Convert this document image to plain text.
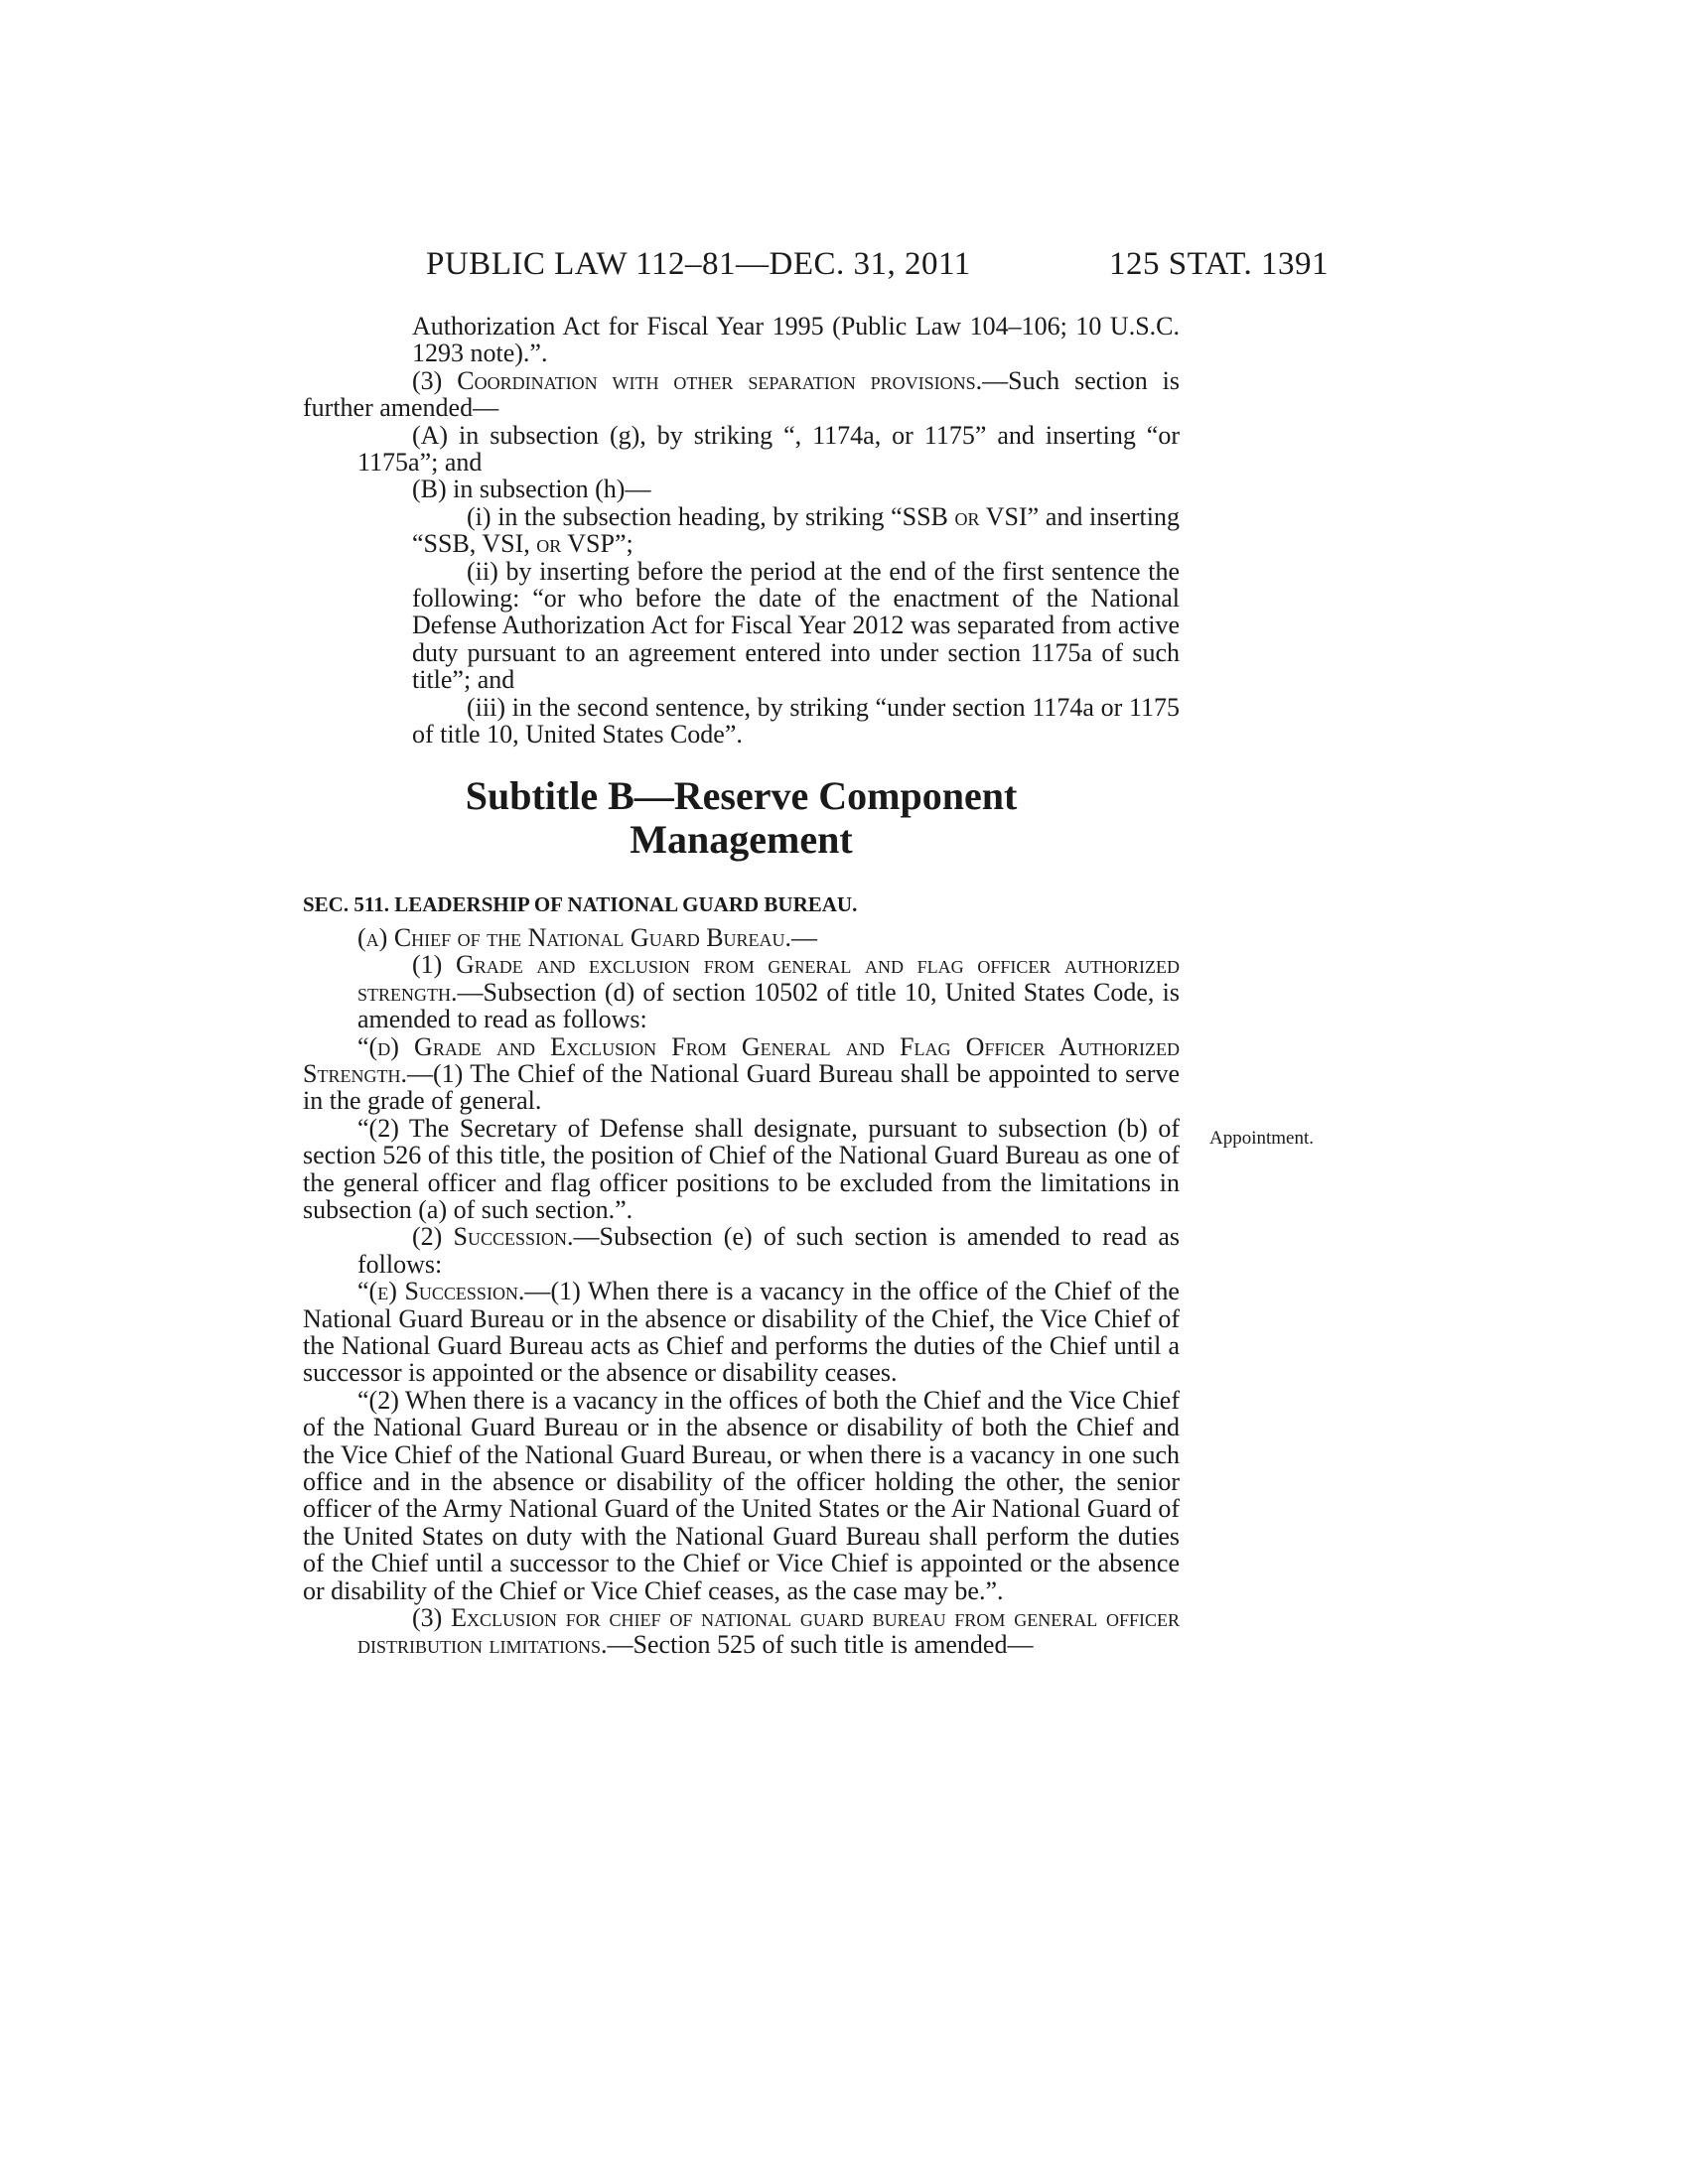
PUBLIC LAW 112–81—DEC. 31, 2011	125 STAT. 1391
Appointment.

Authorization Act for Fiscal Year 1995 (Public Law 104–106; 10 U.S.C. 1293 note).”.

(3) Coordination with other separation provisions.—Such section is further amended—

(A) in subsection (g), by striking “, 1174a, or 1175” and inserting “or 1175a”; and

(B) in subsection (h)—

(i) in the subsection heading, by striking “SSB or VSI” and inserting “SSB, VSI, or VSP”;

(ii) by inserting before the period at the end of the first sentence the following: “or who before the date of the enactment of the National Defense Authorization Act for Fiscal Year 2012 was separated from active duty pursuant to an agreement entered into under section 1175a of such title”; and

(iii) in the second sentence, by striking “under section 1174a or 1175 of title 10, United States Code”.

Subtitle B—Reserve Component
Management

SEC. 511. LEADERSHIP OF NATIONAL GUARD BUREAU.

(a) Chief of the National Guard Bureau.—

(1) Grade and exclusion from general and flag officer authorized strength.—Subsection (d) of section 10502 of title 10, United States Code, is amended to read as follows:

“(d) Grade and Exclusion From General and Flag Officer Authorized Strength.—(1) The Chief of the National Guard Bureau shall be appointed to serve in the grade of general.

“(2) The Secretary of Defense shall designate, pursuant to subsection (b) of section 526 of this title, the position of Chief of the National Guard Bureau as one of the general officer and flag officer positions to be excluded from the limitations in subsection (a) of such section.”.

(2) Succession.—Subsection (e) of such section is amended to read as follows:

“(e) Succession.—(1) When there is a vacancy in the office of the Chief of the National Guard Bureau or in the absence or disability of the Chief, the Vice Chief of the National Guard Bureau acts as Chief and performs the duties of the Chief until a successor is appointed or the absence or disability ceases.

“(2) When there is a vacancy in the offices of both the Chief and the Vice Chief of the National Guard Bureau or in the absence or disability of both the Chief and the Vice Chief of the National Guard Bureau, or when there is a vacancy in one such office and in the absence or disability of the officer holding the other, the senior officer of the Army National Guard of the United States or the Air National Guard of the United States on duty with the National Guard Bureau shall perform the duties of the Chief until a successor to the Chief or Vice Chief is appointed or the absence or disability of the Chief or Vice Chief ceases, as the case may be.”.

(3) Exclusion for chief of national guard bureau from general officer distribution limitations.—Section 525 of such title is amended—
